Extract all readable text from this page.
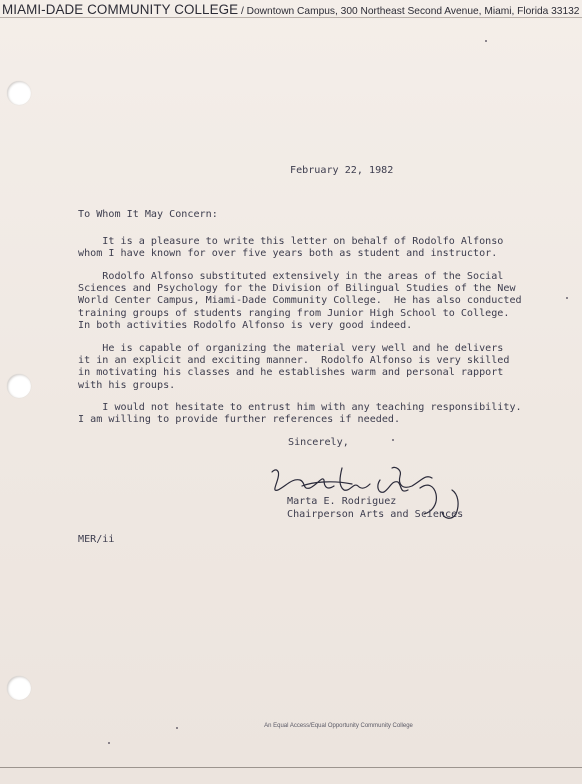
MIAMI-DADE COMMUNITY COLLEGE / Downtown Campus, 300 Northeast Second Avenue, Miami, Florida 33132
February 22, 1982
To Whom It May Concern:
It is a pleasure to write this letter on behalf of Rodolfo Alfonso
whom I have known for over five years both as student and instructor.
Rodolfo Alfonso substituted extensively in the areas of the Social
Sciences and Psychology for the Division of Bilingual Studies of the New
World Center Campus, Miami-Dade Community College.  He has also conducted
training groups of students ranging from Junior High School to College.
In both activities Rodolfo Alfonso is very good indeed.
He is capable of organizing the material very well and he delivers
it in an explicit and exciting manner.  Rodolfo Alfonso is very skilled
in motivating his classes and he establishes warm and personal rapport
with his groups.
I would not hesitate to entrust him with any teaching responsibility.
I am willing to provide further references if needed.
Sincerely,
Marta E. Rodriguez
Chairperson Arts and Sciences
MER/ii
An Equal Access/Equal Opportunity Community College
